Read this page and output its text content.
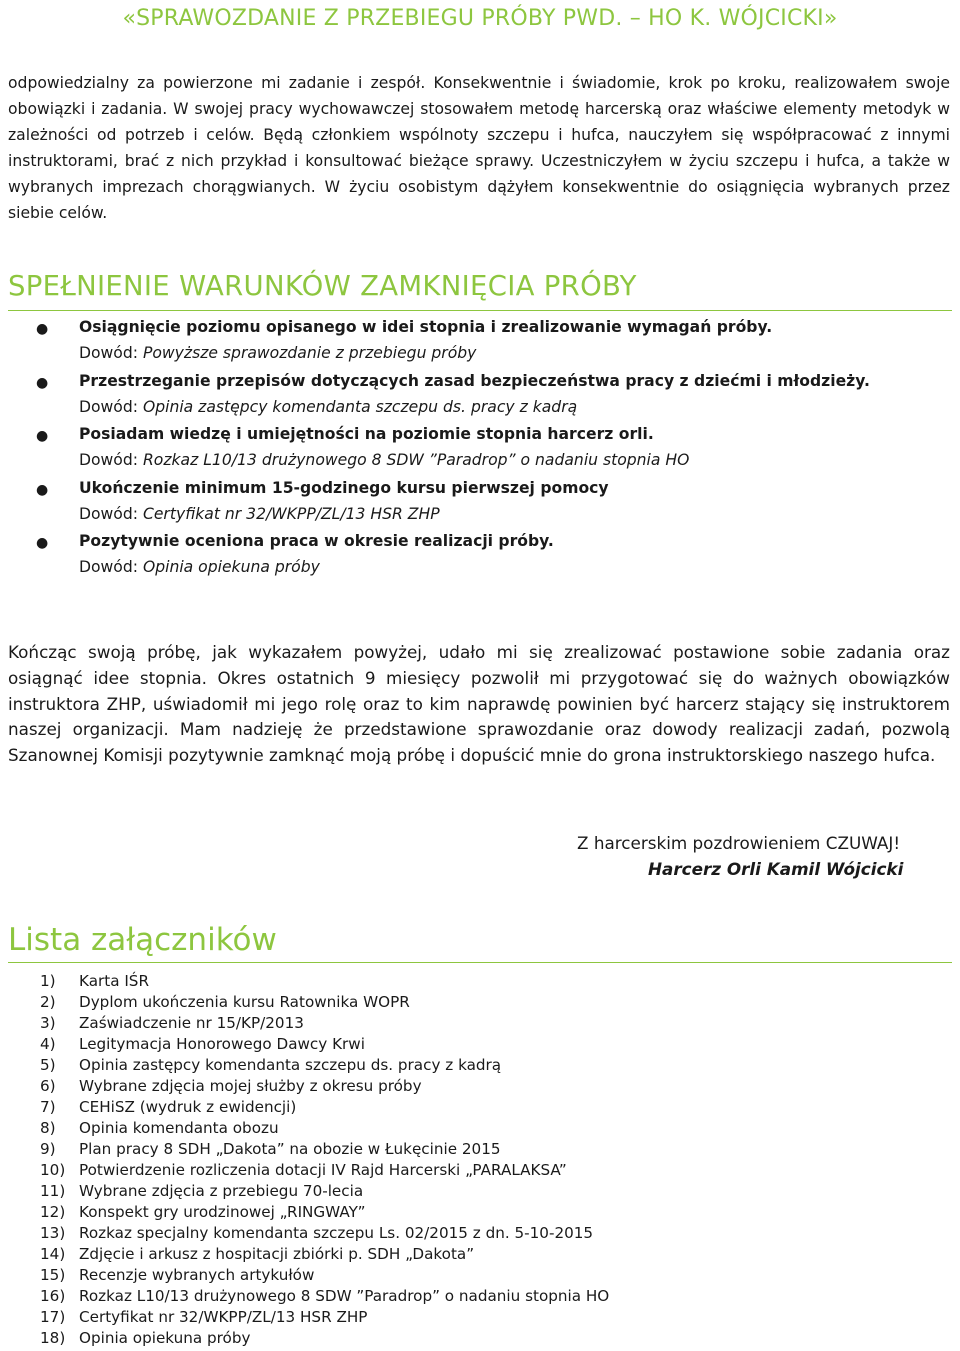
«SPRAWOZDANIE Z PRZEBIEGU PRÓBY PWD. – HO K. WÓJCICKI»

odpowiedzialny za powierzone mi zadanie i zespół. Konsekwentnie i świadomie, krok po kroku, realizowałem swoje obowiązki i zadania. W swojej pracy wychowawczej stosowałem metodę harcerską oraz właściwe elementy metodyk w zależności od potrzeb i celów. Będą członkiem wspólnoty szczepu i hufca, nauczyłem się współpracować z innymi instruktorami, brać z nich przykład i konsultować bieżące sprawy. Uczestniczyłem w życiu szczepu i hufca, a także w wybranych imprezach chorągwianych. W życiu osobistym dążyłem konsekwentnie do osiągnięcia wybranych przez siebie celów.

SPEŁNIENIE WARUNKÓW ZAMKNIĘCIA PRÓBY
● Osiągnięcie poziomu opisanego w idei stopnia i zrealizowanie wymagań próby.
Dowód: Powyższe sprawozdanie z przebiegu próby
● Przestrzeganie przepisów dotyczących zasad bezpieczeństwa pracy z dziećmi i młodzieży.
Dowód: Opinia zastępcy komendanta szczepu ds. pracy z kadrą
● Posiadam wiedzę i umiejętności na poziomie stopnia harcerz orli.
Dowód: Rozkaz L10/13 drużynowego 8 SDW ”Paradrop” o nadaniu stopnia HO
● Ukończenie minimum 15-godzinego kursu pierwszej pomocy
Dowód: Certyfikat nr 32/WKPP/ZL/13 HSR ZHP
● Pozytywnie oceniona praca w okresie realizacji próby.
Dowód: Opinia opiekuna próby

Kończąc swoją próbę, jak wykazałem powyżej, udało mi się zrealizować postawione sobie zadania oraz osiągnąć idee stopnia. Okres ostatnich 9 miesięcy pozwolił mi przygotować się do ważnych obowiązków instruktora ZHP, uświadomił mi jego rolę oraz to kim naprawdę powinien być harcerz stający się instruktorem naszej organizacji. Mam nadzieję że przedstawione sprawozdanie oraz dowody realizacji zadań, pozwolą Szanownej Komisji pozytywnie zamknąć moją próbę i dopuścić mnie do grona instruktorskiego naszego hufca.

Z harcerskim pozdrowieniem CZUWAJ!
Harcerz Orli Kamil Wójcicki
Lista załączników
1) Karta IŚR
2) Dyplom ukończenia kursu Ratownika WOPR
3) Zaświadczenie nr 15/KP/2013
4) Legitymacja Honorowego Dawcy Krwi
5) Opinia zastępcy komendanta szczepu ds. pracy z kadrą
6) Wybrane zdjęcia mojej służby z okresu próby
7) CEHiSZ (wydruk z ewidencji)
8) Opinia komendanta obozu
9) Plan pracy 8 SDH „Dakota” na obozie w Łukęcinie 2015
10) Potwierdzenie rozliczenia dotacji IV Rajd Harcerski „PARALAKSA”
11) Wybrane zdjęcia z przebiegu 70-lecia
12) Konspekt gry urodzinowej „RINGWAY”
13) Rozkaz specjalny komendanta szczepu Ls. 02/2015 z dn. 5-10-2015
14) Zdjęcie i arkusz z hospitacji zbiórki p. SDH „Dakota”
15) Recenzje wybranych artykułów
16) Rozkaz L10/13 drużynowego 8 SDW ”Paradrop” o nadaniu stopnia HO
17) Certyfikat nr 32/WKPP/ZL/13 HSR ZHP
18) Opinia opiekuna próby
